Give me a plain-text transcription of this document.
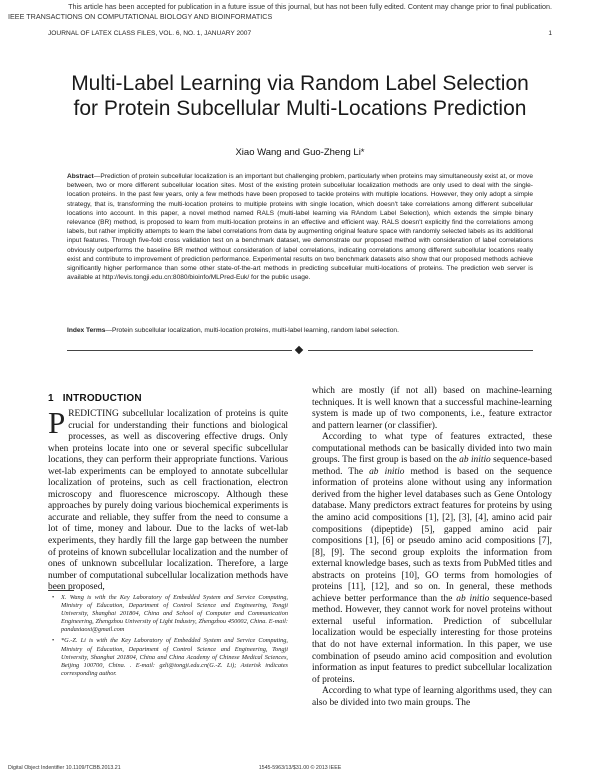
This article has been accepted for publication in a future issue of this journal, but has not been fully edited. Content may change prior to final publication.
IEEE TRANSACTIONS ON COMPUTATIONAL BIOLOGY AND BIOINFORMATICS
JOURNAL OF LATEX CLASS FILES, VOL. 6, NO. 1, JANUARY 2007	1
Multi-Label Learning via Random Label Selection for Protein Subcellular Multi-Locations Prediction
Xiao Wang and Guo-Zheng Li*
Abstract—Prediction of protein subcellular localization is an important but challenging problem, particularly when proteins may simultaneously exist at, or move between, two or more different subcellular location sites. Most of the existing protein subcellular localization methods are only used to deal with the single-location proteins. In the past few years, only a few methods have been proposed to tackle proteins with multiple locations. However, they only adopt a simple strategy, that is, transforming the multi-location proteins to multiple proteins with single location, which doesn't take correlations among different subcellular locations into account. In this paper, a novel method named RALS (multi-label learning via RAndom Label Selection), which extends the simple binary relevance (BR) method, is proposed to learn from multi-location proteins in an effective and efficient way. RALS doesn't explicitly find the correlations among labels, but rather implicitly attempts to learn the label correlations from data by augmenting original feature space with randomly selected labels as its additional input features. Through five-fold cross validation test on a benchmark dataset, we demonstrate our proposed method with consideration of label correlations obviously outperforms the baseline BR method without consideration of label correlations, indicating correlations among different subcellular locations really exist and contribute to improvement of prediction performance. Experimental results on two benchmark datasets also show that our proposed methods achieve significantly higher performance than some other state-of-the-art methods in predicting subcellular multi-locations of proteins. The prediction web server is available at http://levis.tongji.edu.cn:8080/bioinfo/MLPred-Euk/ for the public usage.
Index Terms—Protein subcellular localization, multi-location proteins, multi-label learning, random label selection.
1 INTRODUCTION

PREDICTING subcellular localization of proteins is quite crucial for understanding their functions and biological processes, as well as discovering effective drugs. Only when proteins locate into one or several specific subcellular locations, they can perform their appropriate functions. Various wet-lab experiments can be employed to annotate subcellular localization of proteins, such as cell fractionation, electron microscopy and fluorescence microscopy. Although these approaches by purely doing various biochemical experiments is accurate and reliable, they suffer from the need to consume a lot of time, money and labour. Due to the lacks of wet-lab experiments, they hardly fill the large gap between the number of proteins of known subcellular localization and the number of ones of unknown subcellular localization. Therefore, a large number of computational subcellular localization methods have been proposed,

• X. Wang is with the Key Laboratory of Embedded System and Service Computing, Ministry of Education, Department of Control Science and Engineering, Tongji University, Shanghai 201804, China and School of Computer and Communication Engineering, Zhengzhou University of Light Industry, Zhengzhou 450002, China. E-mail: pandaxiaoxi@gmail.com
• *G.-Z. Li is with the Key Laboratory of Embedded System and Service Computing, Ministry of Education, Department of Control Science and Engineering, Tongji University, Shanghai 201804, China and China Academy of Chinese Medical Sciences, Beijing 100700, China. . E-mail: gzli@tongji.edu.cn(G.-Z. Li); Asterisk indicates corresponding author.

which are mostly (if not all) based on machine-learning techniques. It is well known that a successful machine-learning system is made up of two components, i.e., feature extractor and pattern learner (or classifier).

According to what type of features extracted, these computational methods can be basically divided into two main groups. The first group is based on the ab initio sequence-based method. The ab initio method is based on the sequence information of proteins alone without using any information derived from the higher level databases such as Gene Ontology database. Many predictors extract features for proteins by using the amino acid compositions [1], [2], [3], [4], amino acid pair compositions (dipeptide) [5], gapped amino acid pair compositions [1], [6] or pseudo amino acid compositions [7], [8], [9]. The second group exploits the information from external knowledge bases, such as texts from PubMed titles and abstracts on proteins [10], GO terms from homologies of proteins [11], [12], and so on. In general, these methods achieve better performance than the ab initio sequence-based method. However, they cannot work for novel proteins without external useful information. Prediction of subcellular localization would be especially interesting for those proteins that do not have external information. In this paper, we use combination of pseudo amino acid composition and evolution information as input features to predict subcellular localization of proteins.

According to what type of learning algorithms used, they can also be divided into two main groups. The

Digital Object Indentifier 10.1109/TCBB.2013.21	1545-5963/13/$31.00 © 2013 IEEE
